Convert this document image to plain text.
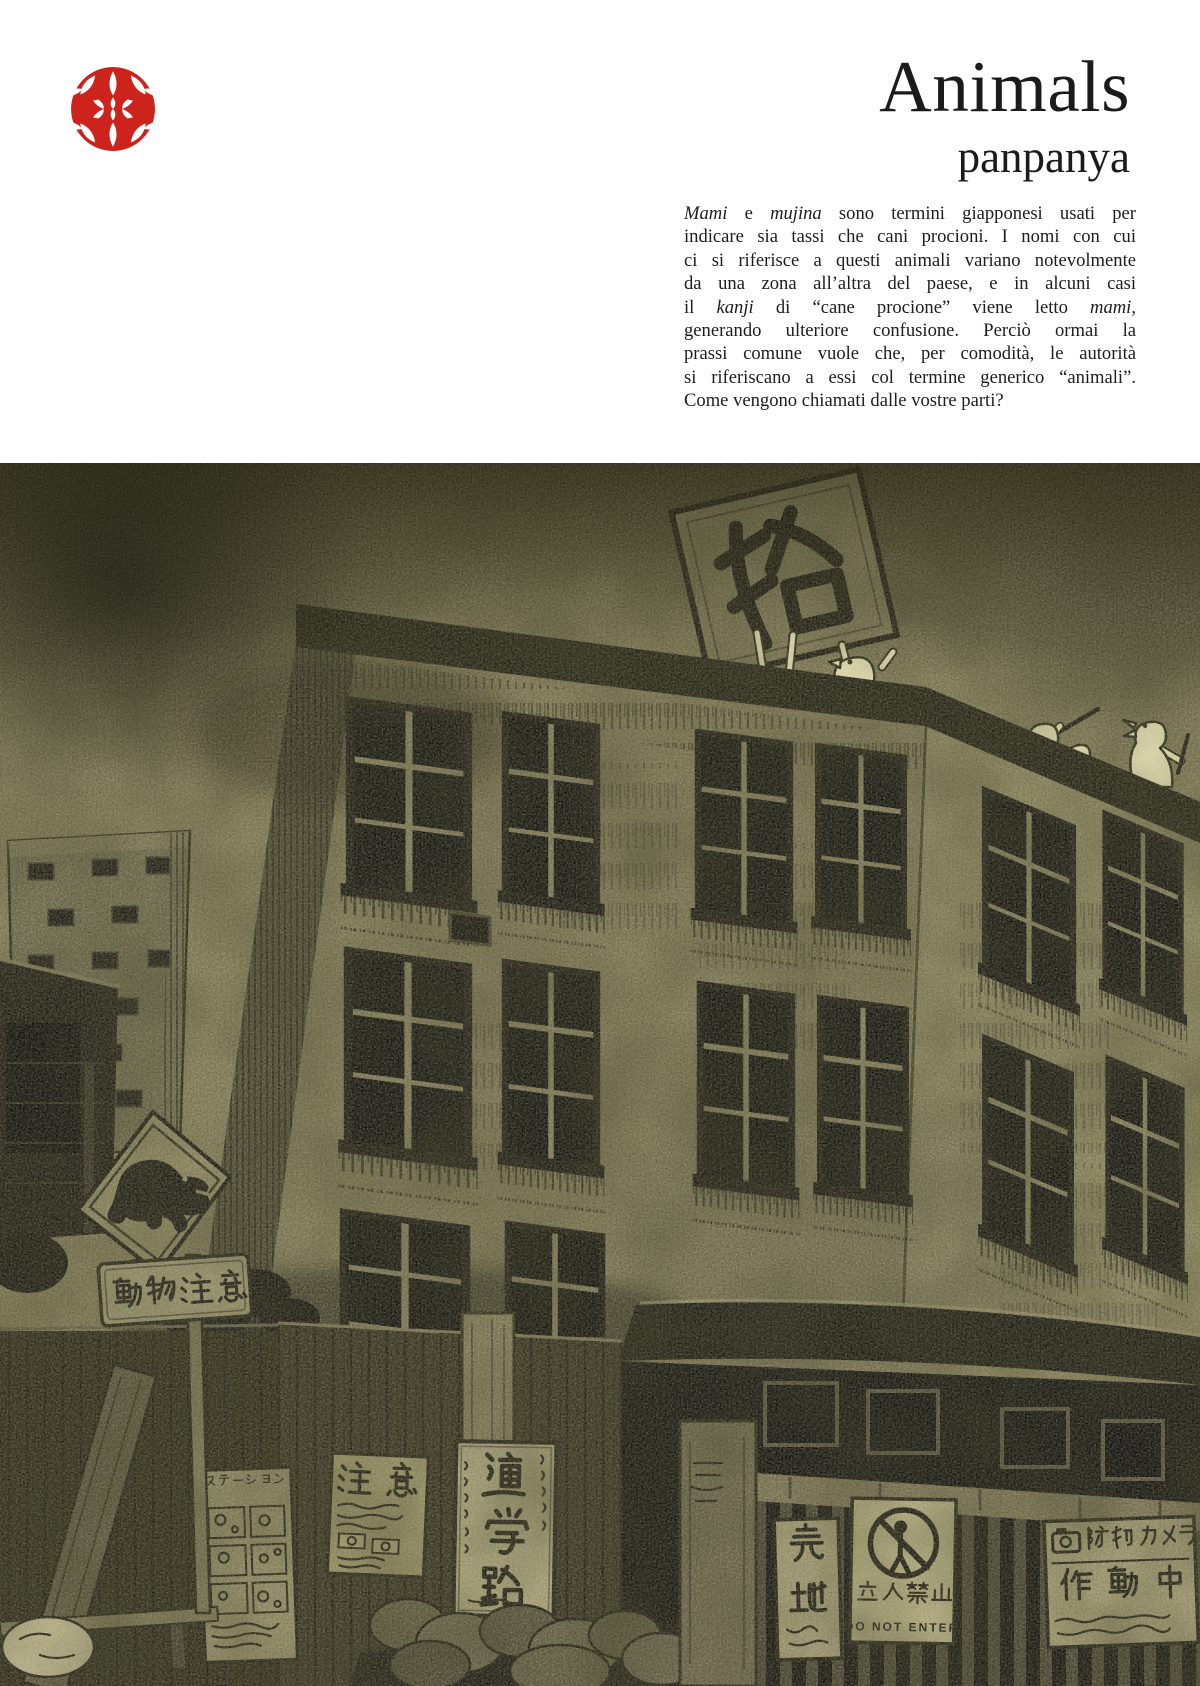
Animals
panpanya
Mami e mujina sono termini giapponesi usati per
indicare sia tassi che cani procioni. I nomi con cui
ci si riferisce a questi animali variano notevolmente
da una zona all’altra del paese, e in alcuni casi
il kanji di “cane procione” viene letto mami,
generando ulteriore confusione. Perciò ormai la
prassi comune vuole che, per comodità, le autorità
si riferiscano a essi col termine generico “animali”.
Come vengono chiamati dalle vostre parti?
